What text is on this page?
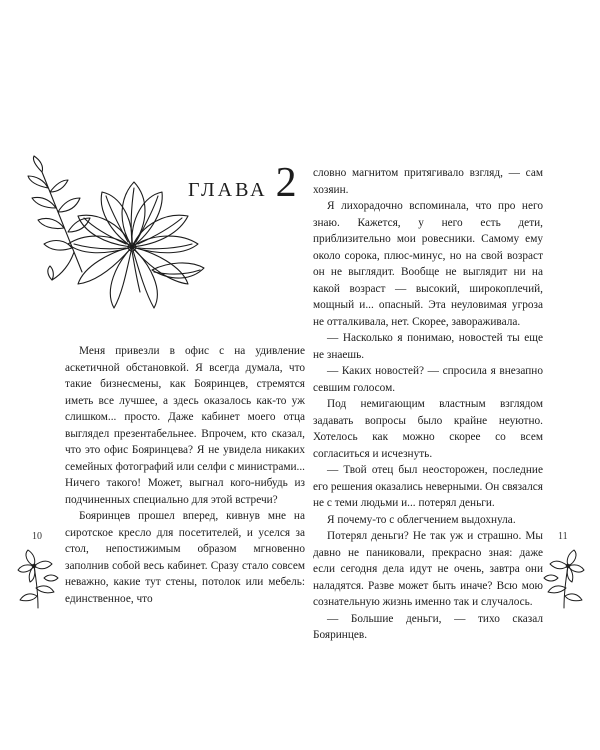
Меня привезли в офис с на удивление аскетичной обстановкой. Я всегда думала, что такие бизнесмены, как Бояринцев, стремятся иметь все лучшее, а здесь оказалось как-то уж слишком... просто. Даже кабинет моего отца выглядел презентабельнее. Впрочем, кто сказал, что это офис Бояринцева? Я не увидела никаких семейных фотографий или селфи с министрами... Ничего такого! Может, выгнал кого-нибудь из подчиненных специально для этой встречи?

Бояринцев прошел вперед, кивнув мне на сиротское кресло для посетителей, и уселся за стол, непостижимым образом мгновенно заполнив собой весь кабинет. Сразу стало совсем неважно, какие тут стены, потолок или мебель: единственное, что

10
ГЛАВА 2 словно магнитом притягивало взгляд, — сам хозяин.

Я лихорадочно вспоминала, что про него знаю. Кажется, у него есть дети, приблизительно мои ровесники. Самому ему около сорока, плюс-минус, но на свой возраст он не выглядит. Вообще не выглядит ни на какой возраст — высокий, широкоплечий, мощный и... опасный. Эта неуловимая угроза не отталкивала, нет. Скорее, завораживала.

— Насколько я понимаю, новостей ты еще не знаешь.

— Каких новостей? — спросила я внезапно севшим голосом.

Под немигающим властным взглядом задавать вопросы было крайне неуютно. Хотелось как можно скорее со всем согласиться и исчезнуть.

— Твой отец был неосторожен, последние его решения оказались неверными. Он связался не с теми людьми и... потерял деньги.

Я почему-то с облегчением выдохнула.

Потерял деньги? Не так уж и страшно. Мы давно не паниковали, прекрасно зная: даже если сегодня дела идут не очень, завтра они наладятся. Разве может быть иначе? Всю мою сознательную жизнь именно так и случалось.

— Большие деньги, — тихо сказал Бояринцев.

11
